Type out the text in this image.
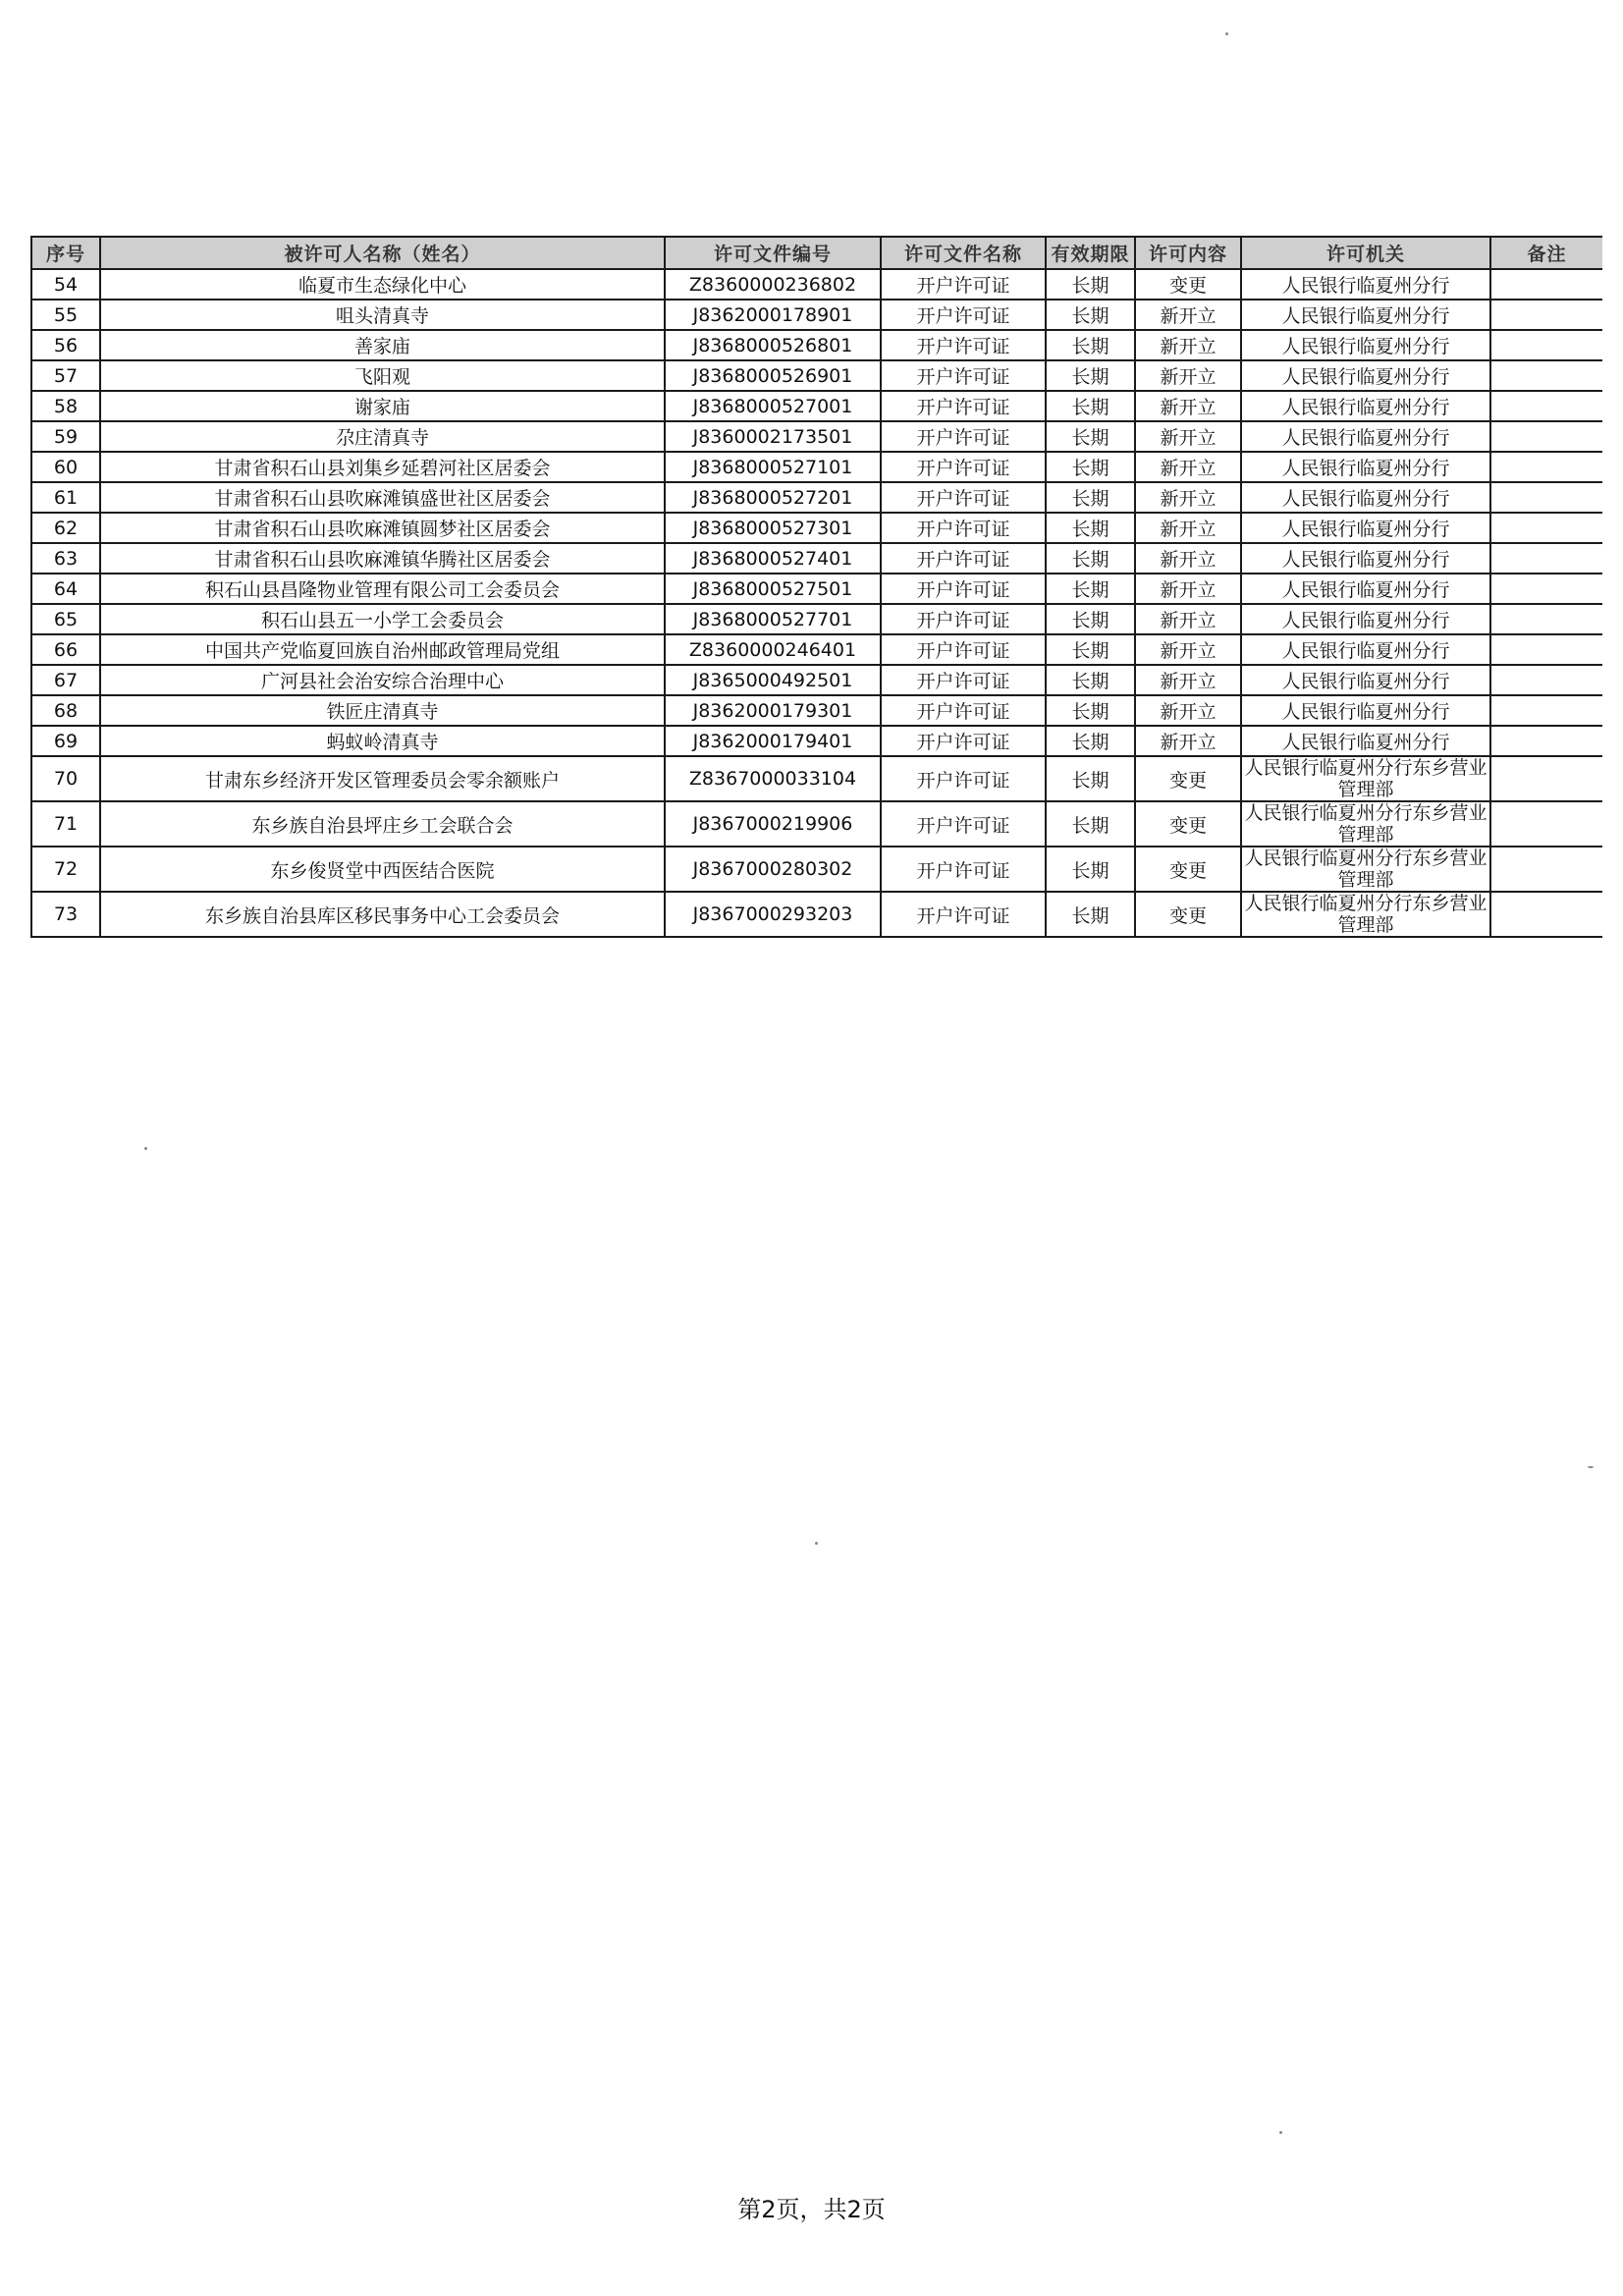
序号	被许可人名称（姓名）	许可文件编号	许可文件名称	有效期限	许可内容	许可机关	备注
54	临夏市生态绿化中心	Z8360000236802	开户许可证	长期	变更	人民银行临夏州分行	
55	咀头清真寺	J8362000178901	开户许可证	长期	新开立	人民银行临夏州分行	
56	善家庙	J8368000526801	开户许可证	长期	新开立	人民银行临夏州分行	
57	飞阳观	J8368000526901	开户许可证	长期	新开立	人民银行临夏州分行	
58	谢家庙	J8368000527001	开户许可证	长期	新开立	人民银行临夏州分行	
59	尕庄清真寺	J8360002173501	开户许可证	长期	新开立	人民银行临夏州分行	
60	甘肃省积石山县刘集乡延碧河社区居委会	J8368000527101	开户许可证	长期	新开立	人民银行临夏州分行	
61	甘肃省积石山县吹麻滩镇盛世社区居委会	J8368000527201	开户许可证	长期	新开立	人民银行临夏州分行	
62	甘肃省积石山县吹麻滩镇圆梦社区居委会	J8368000527301	开户许可证	长期	新开立	人民银行临夏州分行	
63	甘肃省积石山县吹麻滩镇华腾社区居委会	J8368000527401	开户许可证	长期	新开立	人民银行临夏州分行	
64	积石山县昌隆物业管理有限公司工会委员会	J8368000527501	开户许可证	长期	新开立	人民银行临夏州分行	
65	积石山县五一小学工会委员会	J8368000527701	开户许可证	长期	新开立	人民银行临夏州分行	
66	中国共产党临夏回族自治州邮政管理局党组	Z8360000246401	开户许可证	长期	新开立	人民银行临夏州分行	
67	广河县社会治安综合治理中心	J8365000492501	开户许可证	长期	新开立	人民银行临夏州分行	
68	铁匠庄清真寺	J8362000179301	开户许可证	长期	新开立	人民银行临夏州分行	
69	蚂蚁岭清真寺	J8362000179401	开户许可证	长期	新开立	人民银行临夏州分行	
70	甘肃东乡经济开发区管理委员会零余额账户	Z8367000033104	开户许可证	长期	变更	人民银行临夏州分行东乡营业管理部	
71	东乡族自治县坪庄乡工会联合会	J8367000219906	开户许可证	长期	变更	人民银行临夏州分行东乡营业管理部	
72	东乡俊贤堂中西医结合医院	J8367000280302	开户许可证	长期	变更	人民银行临夏州分行东乡营业管理部	
73	东乡族自治县库区移民事务中心工会委员会	J8367000293203	开户许可证	长期	变更	人民银行临夏州分行东乡营业管理部	
第2页，共2页
